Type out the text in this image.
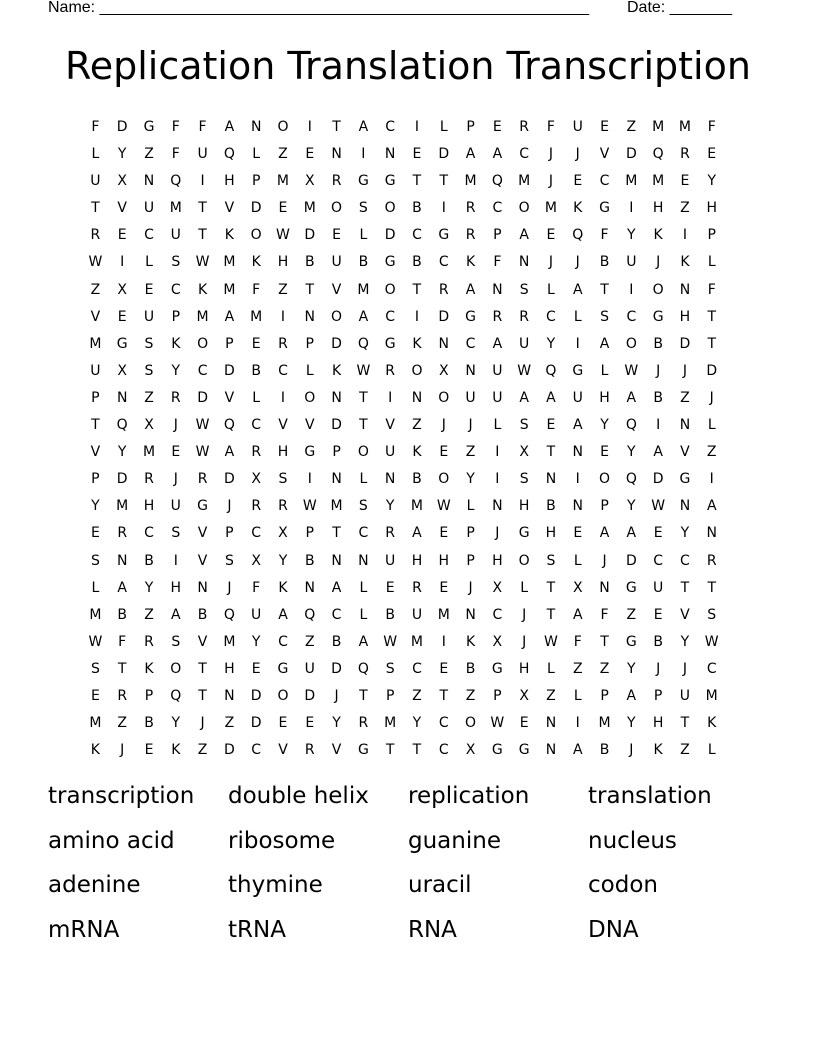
Name: _______________________________________________________ Date: _______
Replication Translation Transcription
F	D	G	F	F	A	N	O	I	T	A	C	I	L	P	E	R	F	U	E	Z	M	M	F
L	Y	Z	F	U	Q	L	Z	E	N	I	N	E	D	A	A	C	J	J	V	D	Q	R	E
U	X	N	Q	I	H	P	M	X	R	G	G	T	T	M	Q	M	J	E	C	M	M	E	Y
T	V	U	M	T	V	D	E	M	O	S	O	B	I	R	C	O	M	K	G	I	H	Z	H
R	E	C	U	T	K	O	W	D	E	L	D	C	G	R	P	A	E	Q	F	Y	K	I	P
W	I	L	S	W M	K	H	B	U	B	G	B	C	K	F	N	J	J	B	U	J	K	L
Z	X	E	C	K	M	F	Z	T	V	M	O	T	R	A	N	S	L	A	T	I	O	N	F
V	E	U	P	M	A	M	I	N	O	A	C	I	D	G	R	R	C	L	S	C	G	H	T
M	G	S	K	O	P	E	R	P	D	Q	G	K	N	C	A	U	Y	I	A	O	B	D	T
U	X	S	Y	C	D	B	C	L	K	W	R	O	X	N	U	W	Q	G	L	W	J	J	D
P	N	Z	R	D	V	L	I	O	N	T	I	N	O	U	U	A	A	U	H	A	B	Z	J
T	Q	X	J	W	Q	C	V	V	D	T	V	Z	J	J	L	S	E	A	Y	Q	I	N	L
V	Y	M	E	W	A	R	H	G	P	O	U	K	E	Z	I	X	T	N	E	Y	A	V	Z
P	D	R	J	R	D	X	S	I	N	L	N	B	O	Y	I	S	N	I	O	Q	D	G	I
Y	M	H	U	G	J	R	R	W M	S	Y	M W	L	N	H	B	N	P	Y	W	N	A
E	R	C	S	V	P	C	X	P	T	C	R	A	E	P	J	G	H	E	A	A	E	Y	N
S	N	B	I	V	S	X	Y	B	N	N	U	H	H	P	H	O	S	L	J	D	C	C	R
L	A	Y	H	N	J	F	K	N	A	L	E	R	E	J	X	L	T	X	N	G	U	T	T
M	B	Z	A	B	Q	U	A	Q	C	L	B	U	M	N	C	J	T	A	F	Z	E	V	S
W	F	R	S	V	M	Y	C	Z	B	A	W M	I	K	X	J	W	F	T	G	B	Y	W
S	T	K	O	T	H	E	G	U	D	Q	S	C	E	B	G	H	L	Z	Z	Y	J	J	C
E	R	P	Q	T	N	D	O	D	J	T	P	Z	T	Z	P	X	Z	L	P	A	P	U	M
M	Z	B	Y	J	Z	D	E	E	Y	R	M	Y	C	O	W	E	N	I	M	Y	H	T	K
K	J	E	K	Z	D	C	V	R	V	G	T	T	C	X	G	G	N	A	B	J	K	Z	L
transcription	double helix	replication	translation
amino acid	ribosome	guanine	nucleus
adenine	thymine	uracil	codon
mRNA	tRNA	RNA	DNA
